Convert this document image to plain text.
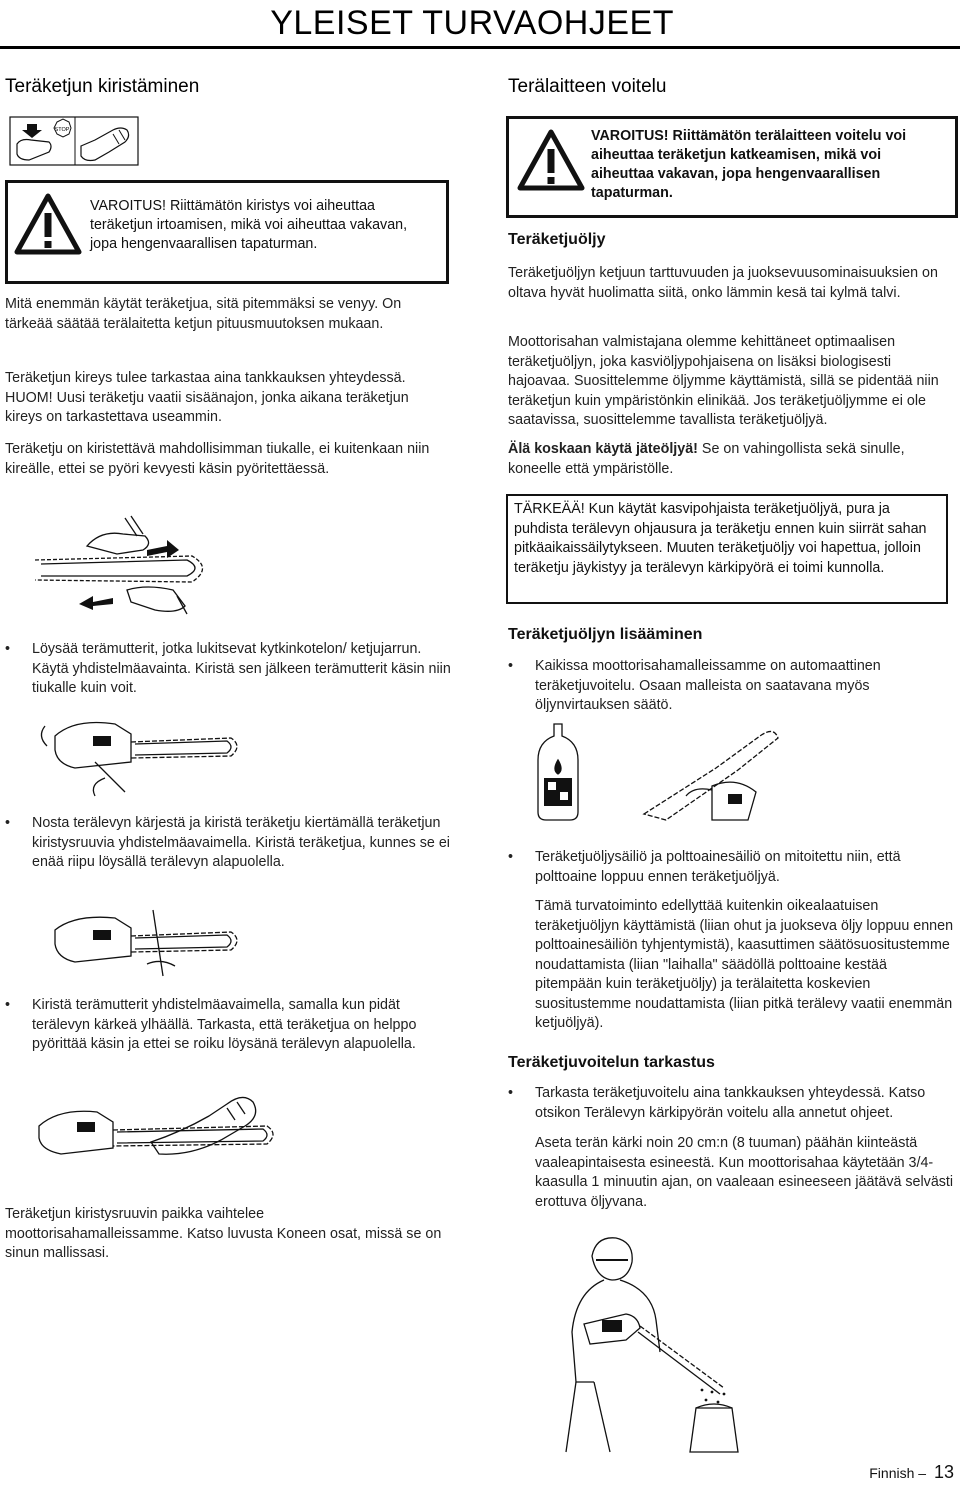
YLEISET TURVAOHJEET
Teräketjun kiristäminen
STOP
VAROITUS! Riittämätön kiristys voi aiheuttaa teräketjun irtoamisen, mikä voi aiheuttaa vakavan, jopa hengenvaarallisen tapaturman.

Mitä enemmän käytät teräketjua, sitä pitemmäksi se venyy. On tärkeää säätää terälaitetta ketjun pituusmuutoksen mukaan.

Teräketjun kireys tulee tarkastaa aina tankkauksen yhteydessä. HUOM! Uusi teräketju vaatii sisäänajon, jonka aikana teräketjun kireys on tarkastettava useammin.

Teräketju on kiristettävä mahdollisimman tiukalle, ei kuitenkaan niin kireälle, ettei se pyöri kevyesti käsin pyöritettäessä.

• Löysää terämutterit, jotka lukitsevat kytkinkotelon/ ketjujarrun. Käytä yhdistelmäavainta. Kiristä sen jälkeen terämutterit käsin niin tiukalle kuin voit.
• Nosta terälevyn kärjestä ja kiristä teräketju kiertämällä teräketjun kiristysruuvia yhdistelmäavaimella. Kiristä teräketjua, kunnes se ei enää riipu löysällä terälevyn alapuolella.
• Kiristä terämutterit yhdistelmäavaimella, samalla kun pidät terälevyn kärkeä ylhäällä. Tarkasta, että teräketjua on helppo pyörittää käsin ja ettei se roiku löysänä terälevyn alapuolella.

Teräketjun kiristysruuvin paikka vaihtelee moottorisahamalleissamme. Katso luvusta Koneen osat, missä se on sinun mallissasi.

Terälaitteen voitelu
VAROITUS! Riittämätön terälaitteen voitelu voi aiheuttaa teräketjun katkeamisen, mikä voi aiheuttaa vakavan, jopa hengenvaarallisen tapaturman.
Teräketjuöljy

Teräketjuöljyn ketjuun tarttuvuuden ja juoksevuusominaisuuksien on oltava hyvät huolimatta siitä, onko lämmin kesä tai kylmä talvi.

Moottorisahan valmistajana olemme kehittäneet optimaalisen teräketjuöljyn, joka kasviöljypohjaisena on lisäksi biologisesti hajoavaa. Suosittelemme öljymme käyttämistä, sillä se pidentää niin teräketjun kuin ympäristönkin elinikää. Jos teräketjuöljymme ei ole saatavissa, suosittelemme tavallista teräketjuöljyä.

Älä koskaan käytä jäteöljyä! Se on vahingollista sekä sinulle, koneelle että ympäristölle.

TÄRKEÄÄ! Kun käytät kasvipohjaista teräketjuöljyä, pura ja puhdista terälevyn ohjausura ja teräketju ennen kuin siirrät sahan pitkäaikaissäilytykseen. Muuten teräketjuöljy voi hapettua, jolloin teräketju jäykistyy ja terälevyn kärkipyörä ei toimi kunnolla.
Teräketjuöljyn lisääminen
• Kaikissa moottorisahamalleissamme on automaattinen teräketjuvoitelu. Osaan malleista on saatavana myös öljynvirtauksen säätö.
• Teräketjuöljysäiliö ja polttoainesäiliö on mitoitettu niin, että polttoaine loppuu ennen teräketjuöljyä.

Tämä turvatoiminto edellyttää kuitenkin oikealaatuisen teräketjuöljyn käyttämistä (liian ohut ja juokseva öljy loppuu ennen polttoainesäiliön tyhjentymistä), kaasuttimen säätösuositustemme noudattamista (liian "laihalla" säädöllä polttoaine kestää pitempään kuin teräketjuöljy) ja terälaitetta koskevien suositustemme noudattamista (liian pitkä terälevy vaatii enemmän ketjuöljyä).

Teräketjuvoitelun tarkastus
• Tarkasta teräketjuvoitelu aina tankkauksen yhteydessä. Katso otsikon Terälevyn kärkipyörän voitelu alla annetut ohjeet.

Aseta terän kärki noin 20 cm:n (8 tuuman) päähän kiinteästä vaaleapintaisesta esineestä. Kun moottorisahaa käytetään 3/4-kaasulla 1 minuutin ajan, on vaaleaan esineeseen jäätävä selvästi erottuva öljyvana.

Finnish – 13
